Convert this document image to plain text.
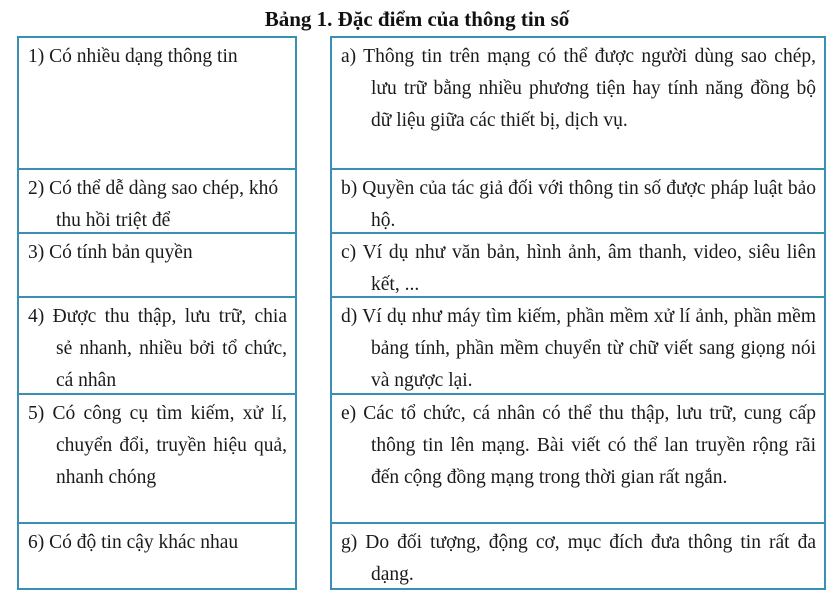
Bảng 1. Đặc điểm của thông tin số
1) Có nhiều dạng thông tin
2) Có thể dễ dàng sao chép, khó thu hồi triệt để
3) Có tính bản quyền
4) Được thu thập, lưu trữ, chia sẻ nhanh, nhiều bởi tổ chức, cá nhân
5) Có công cụ tìm kiếm, xử lí, chuyển đổi, truyền hiệu quả, nhanh chóng
6) Có độ tin cậy khác nhau
a) Thông tin trên mạng có thể được người dùng sao chép, lưu trữ bằng nhiều phương tiện hay tính năng đồng bộ dữ liệu giữa các thiết bị, dịch vụ.
b) Quyền của tác giả đối với thông tin số được pháp luật bảo hộ.
c) Ví dụ như văn bản, hình ảnh, âm thanh, video, siêu liên kết, ...
d) Ví dụ như máy tìm kiếm, phần mềm xử lí ảnh, phần mềm bảng tính, phần mềm chuyển từ chữ viết sang giọng nói và ngược lại.
e) Các tổ chức, cá nhân có thể thu thập, lưu trữ, cung cấp thông tin lên mạng. Bài viết có thể lan truyền rộng rãi đến cộng đồng mạng trong thời gian rất ngắn.
g) Do đối tượng, động cơ, mục đích đưa thông tin rất đa dạng.
